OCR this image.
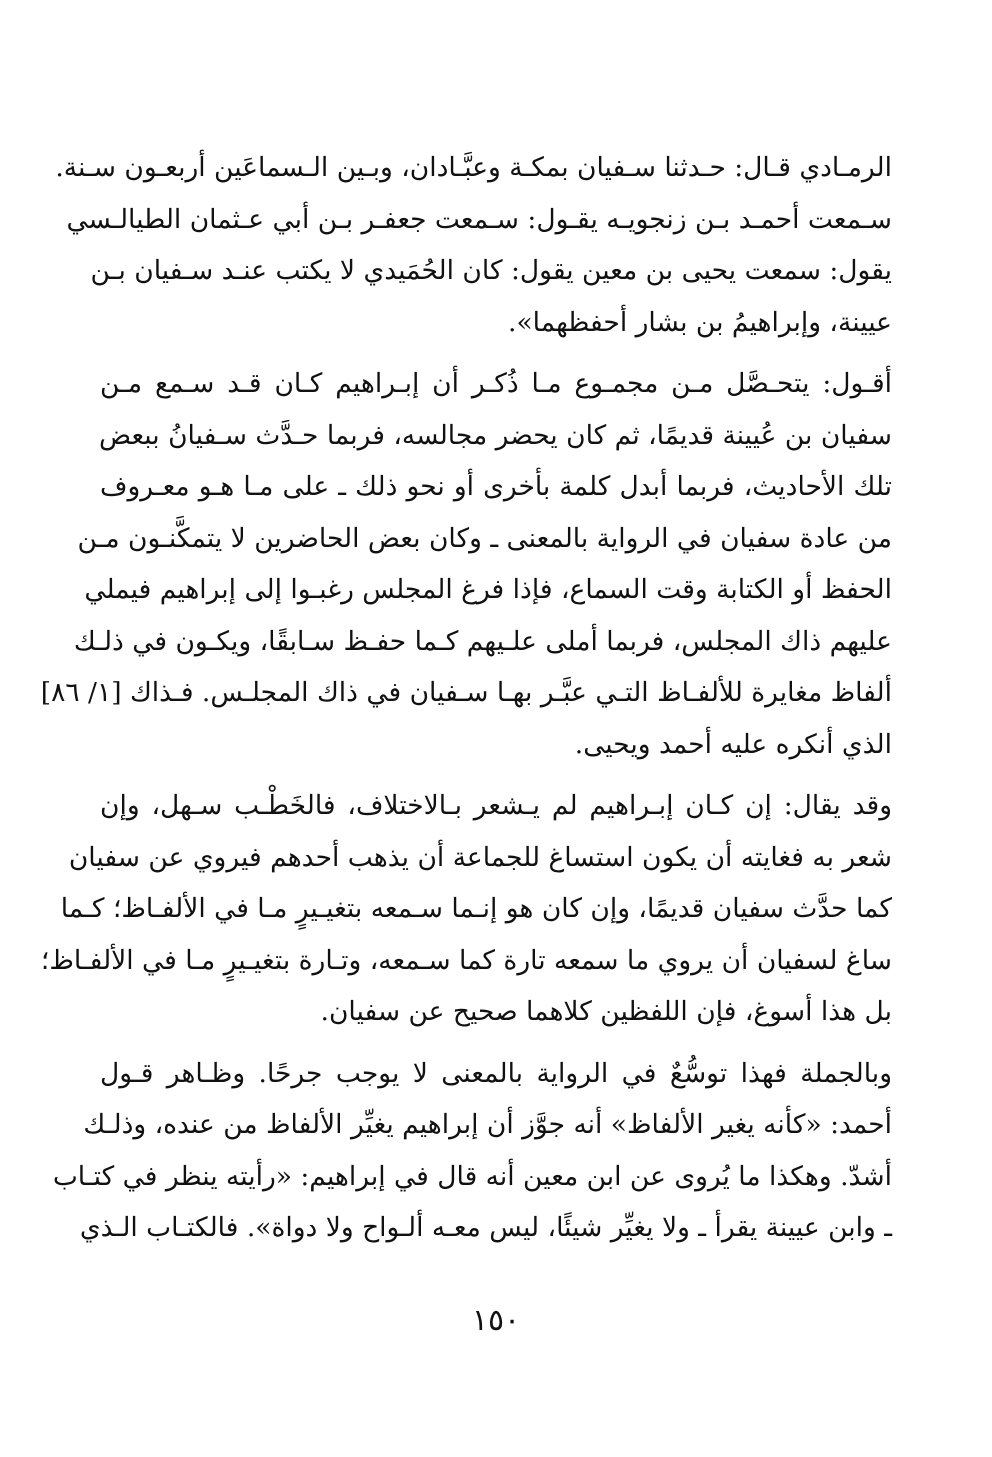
الرمـادي قـال: حـدثنا سـفيان بمكـة وعبَّـادان، وبـين الـسماعَين أربعـون سـنة.
سـمعت أحمـد بـن زنجويـه يقـول: سـمعت جعفـر بـن أبي عـثمان الطيالـسي
يقول: سمعت يحيى بن معين يقول: كان الحُمَيدي لا يكتب عنـد سـفيان بـن
عيينة، وإبراهيمُ بن بشار أحفظهما».
أقـول: يتحـصَّل مـن مجمـوع مـا ذُكـر أن إبـراهيم كـان قـد سـمع مـن
سفيان بن عُيينة قديمًا، ثم كان يحضر مجالسه، فربما حـدَّث سـفيانُ ببعض
تلك الأحاديث، فربما أبدل كلمة بأخرى أو نحو ذلك ـ على مـا هـو معـروف
من عادة سفيان في الرواية بالمعنى ـ وكان بعض الحاضرين لا يتمكَّنـون مـن
الحفظ أو الكتابة وقت السماع، فإذا فرغ المجلس رغبـوا إلى إبراهيم فيملي
عليهم ذاك المجلس، فربما أملى علـيهم كـما حفـظ سـابقًا، ويكـون في ذلـك
ألفاظ مغايرة للألفـاظ التـي عبَّـر بهـا سـفيان في ذاك المجلـس. فـذاك [١/ ٨٦]
الذي أنكره عليه أحمد ويحيى.
وقد يقال: إن كـان إبـراهيم لم يـشعر بـالاختلاف، فالخَطْـب سـهل، وإن
شعر به فغايته أن يكون استساغ للجماعة أن يذهب أحدهم فيروي عن سفيان
كما حدَّث سفيان قديمًا، وإن كان هو إنـما سـمعه بتغيـيرٍ مـا في الألفـاظ؛ كـما
ساغ لسفيان أن يروي ما سمعه تارة كما سـمعه، وتـارة بتغيـيرٍ مـا في الألفـاظ؛
بل هذا أسوغ، فإن اللفظين كلاهما صحيح عن سفيان.
وبالجملة فهذا توسُّعٌ في الرواية بالمعنى لا يوجب جرحًا. وظـاهر قـول
أحمد: «كأنه يغير الألفاظ» أنه جوَّز أن إبراهيم يغيِّر الألفاظ من عنده، وذلـك
أشدّ. وهكذا ما يُروى عن ابن معين أنه قال في إبراهيم: «رأيته ينظر في كتـاب
ـ وابن عيينة يقرأ ـ ولا يغيِّر شيئًا، ليس معـه ألـواح ولا دواة». فالكتـاب الـذي
١٥٠
